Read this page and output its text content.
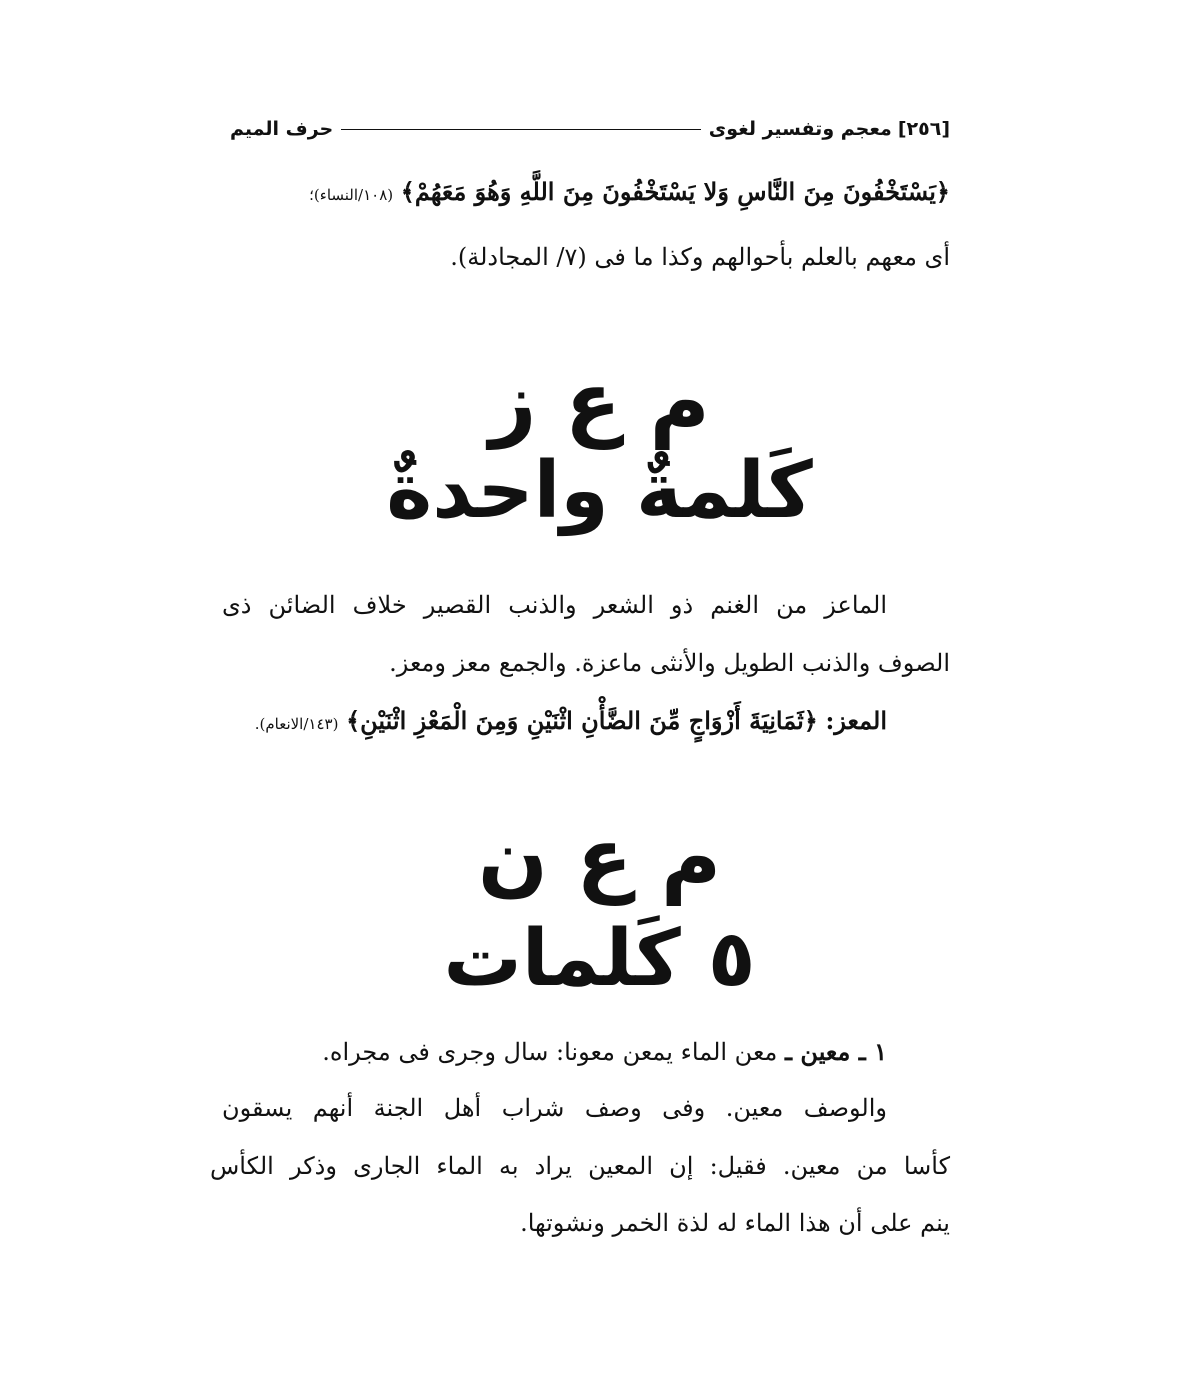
[٢٥٦]
معجم وتفسير لغوى
حرف الميم
﴿يَسْتَخْفُونَ مِنَ النَّاسِ وَلا يَسْتَخْفُونَ مِنَ اللَّهِ وَهُوَ مَعَهُمْ﴾ (١٠٨/النساء)؛
أى معهم بالعلم بأحوالهم وكذا ما فى (٧/ المجادلة).
م ع ز
كَلمةٌ واحدةٌ
الماعز من الغنم ذو الشعر والذنب القصير خلاف الضائن ذى
الصوف والذنب الطويل والأنثى ماعزة. والجمع معز ومعز.
المعز: ﴿ثَمَانِيَةَ أَزْوَاجٍ مِّنَ الضَّأْنِ اثْنَيْنِ وَمِنَ الْمَعْزِ اثْنَيْنِ﴾ (١٤٣/الانعام).
م ع ن
٥ كَلمات
١ ـ معين ـ معن الماء يمعن معونا: سال وجرى فى مجراه.
والوصف معين. وفى وصف شراب أهل الجنة أنهم يسقون
كأسا من معين. فقيل: إن المعين يراد به الماء الجارى وذكر الكأس
ينم على أن هذا الماء له لذة الخمر ونشوتها.
